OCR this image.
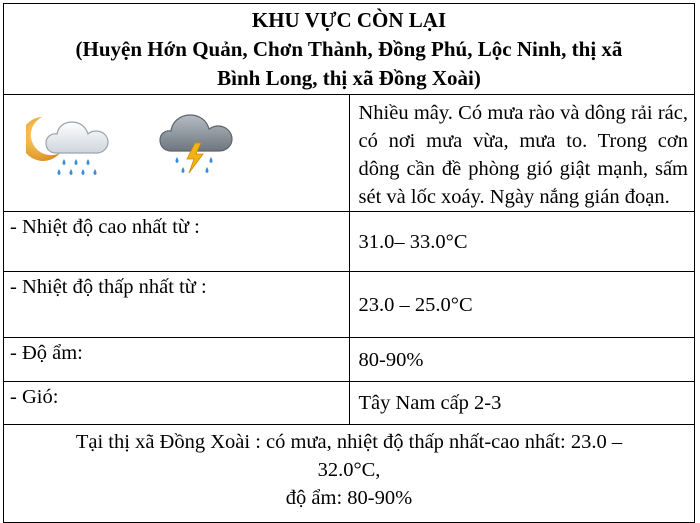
KHU VỰC CÒN LẠI
(Huyện Hớn Quản, Chơn Thành, Đồng Phú, Lộc Ninh, thị xã
Bình Long, thị xã Đồng Xoài)	

	Nhiều mây. Có mưa rào và dông rải rác, có nơi mưa vừa, mưa to. Trong cơn dông cần đề phòng gió giật mạnh, sấm sét và lốc xoáy. Ngày nắng gián đoạn.
- Nhiệt độ cao nhất từ :	31.0– 33.0°C
- Nhiệt độ thấp nhất từ :	23.0 – 25.0°C
- Độ ẩm:	80-90%
- Gió:	Tây Nam cấp 2-3

Tại thị xã Đồng Xoài : có mưa, nhiệt độ thấp nhất-cao nhất: 23.0 –
32.0°C,
độ ẩm: 80-90%	
